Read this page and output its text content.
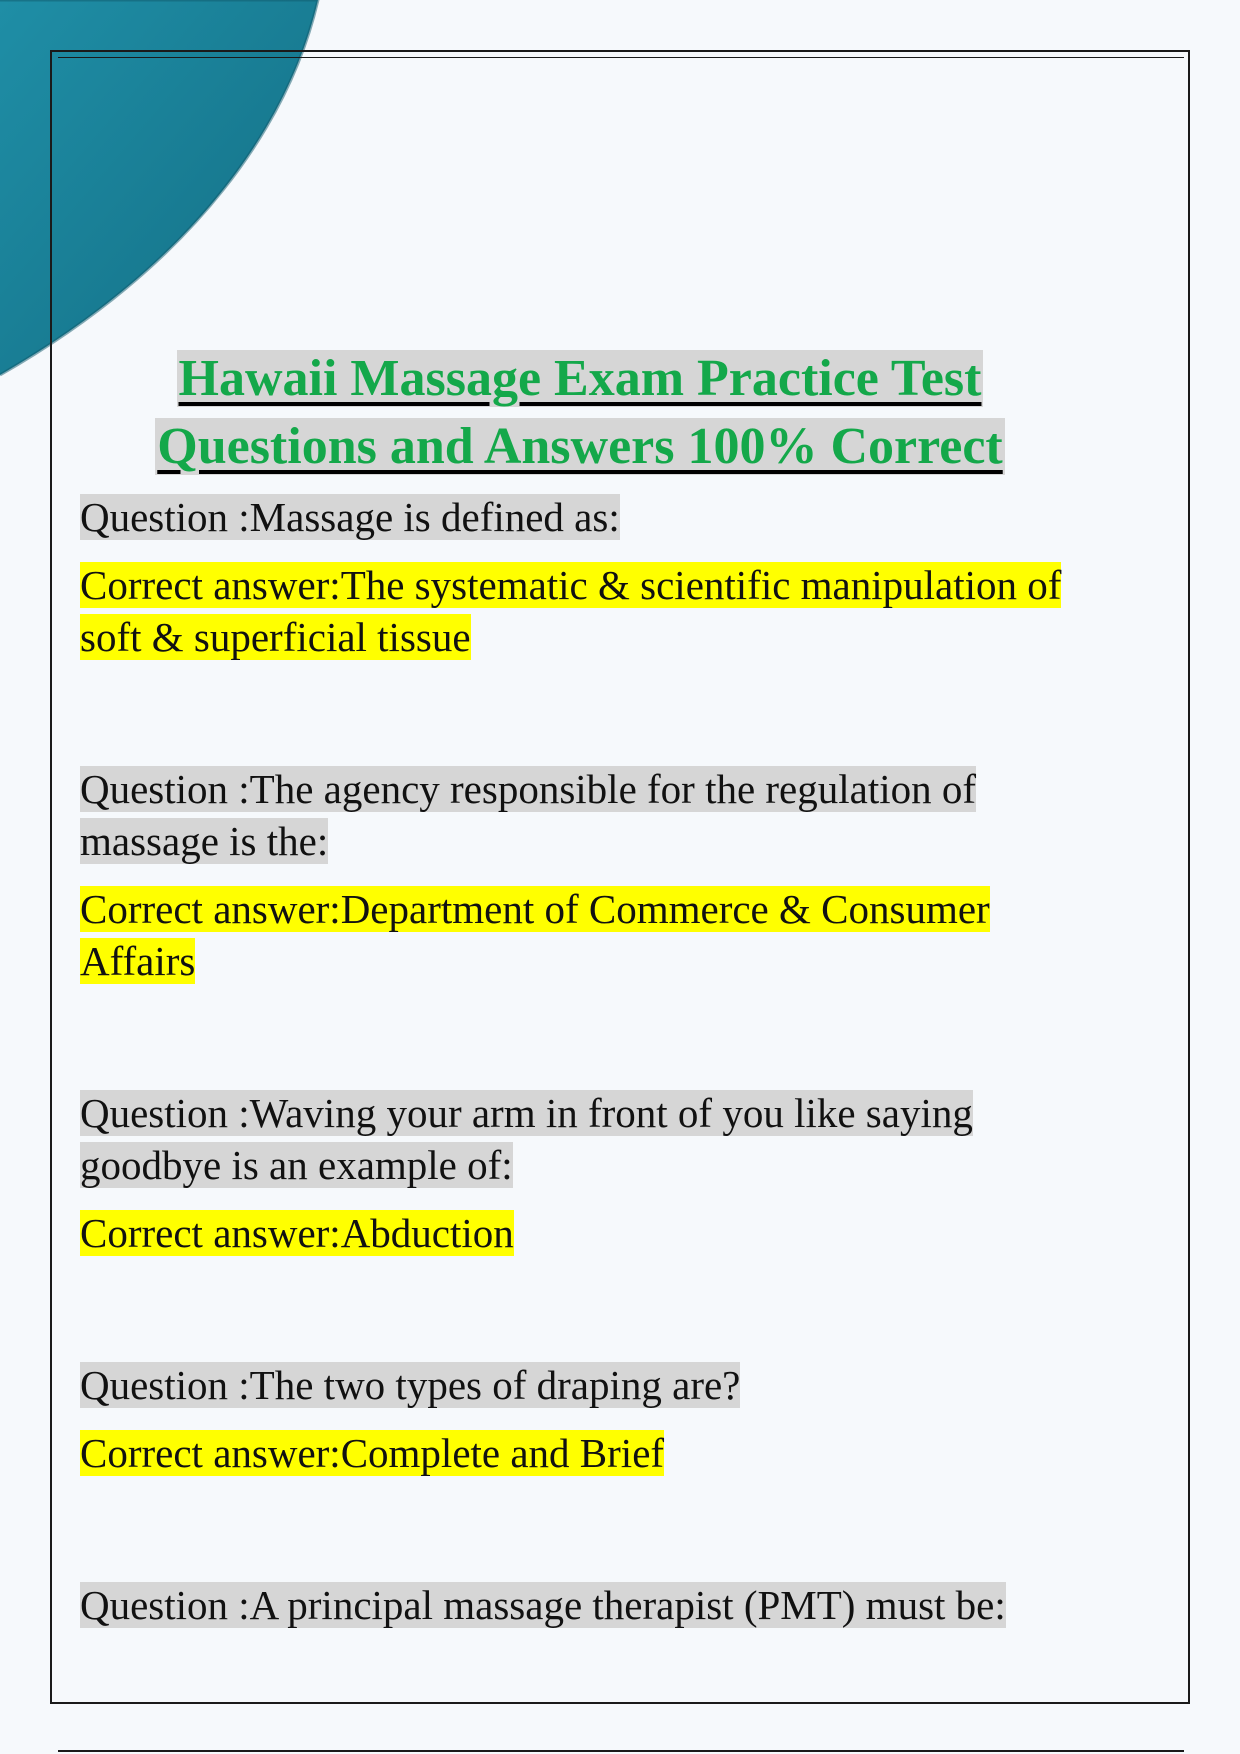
Hawaii Massage Exam Practice Test
Questions and Answers 100% Correct

Question :Massage is defined as:

Correct answer:The systematic & scientific manipulation of soft & superficial tissue

Question :The agency responsible for the regulation of massage is the:

Correct answer:Department of Commerce & Consumer Affairs

Question :Waving your arm in front of you like saying goodbye is an example of:

Correct answer:Abduction

Question :The two types of draping are?

Correct answer:Complete and Brief

Question :A principal massage therapist (PMT) must be:
